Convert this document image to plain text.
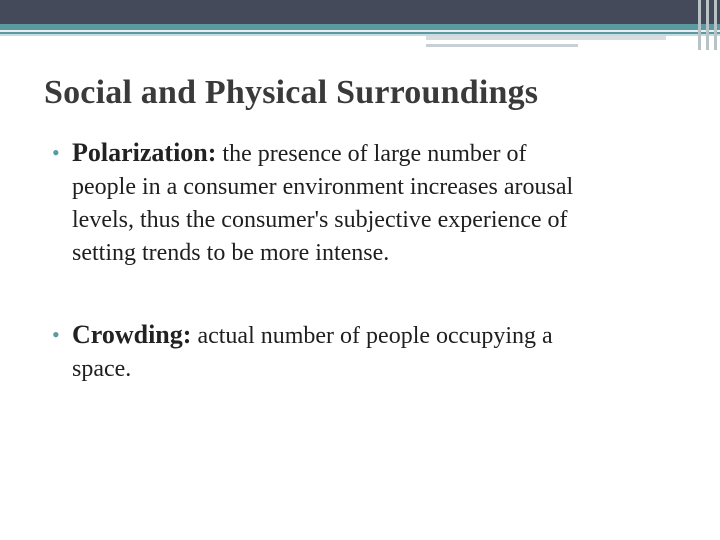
Social and Physical Surroundings
• Polarization: the presence of large number of
people in a consumer environment increases arousal
levels, thus the consumer's subjective experience of
setting trends to be more intense.
• Crowding: actual number of people occupying a
space.
